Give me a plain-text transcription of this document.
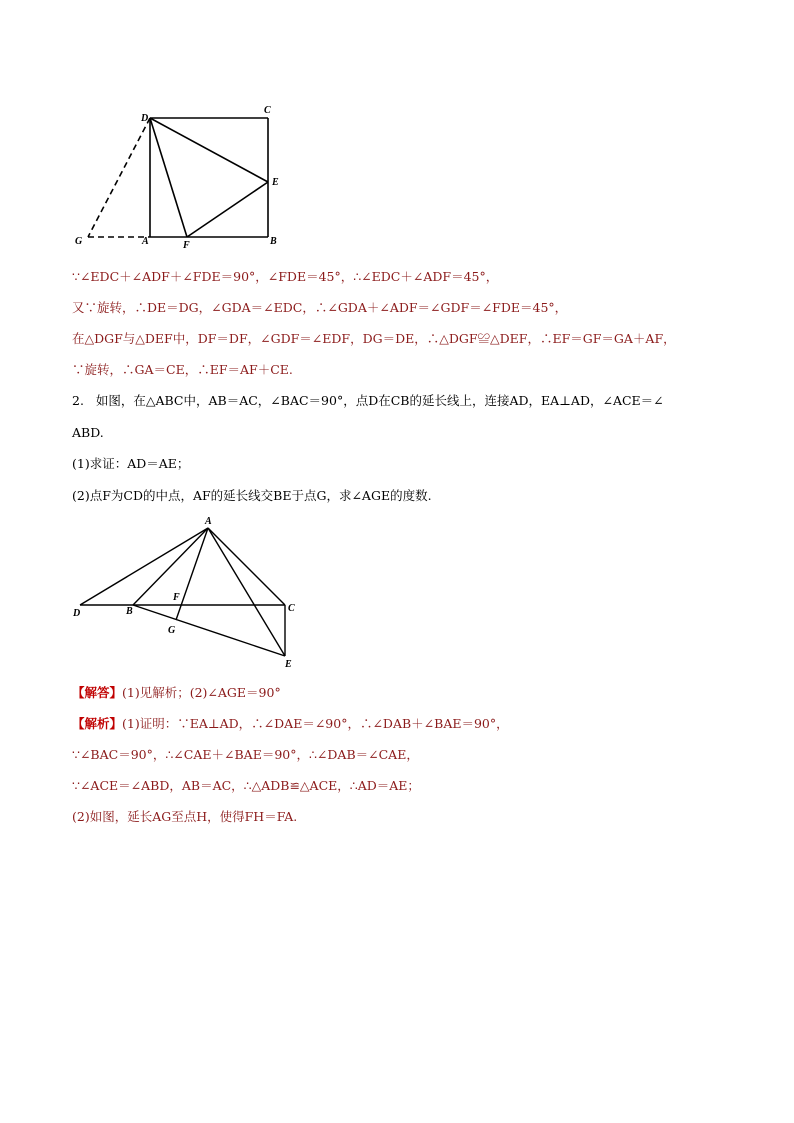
D
C
E
G	A	F	B
A
D	B
F
C
G
E
∵∠EDC＋∠ADF＋∠FDE＝90°，∠FDE＝45°，∴∠EDC＋∠ADF＝45°，
又∵旋转，∴DE＝DG，∠GDA＝∠EDC，∴∠GDA＋∠ADF＝∠GDF＝∠FDE＝45°，
在△DGF与△DEF中，DF＝DF，∠GDF＝∠EDF，DG＝DE，∴△DGF≌△DEF，∴EF＝GF＝GA＋AF，
∵旋转，∴GA＝CE，∴EF＝AF＋CE.
2. 如图，在△ABC中，AB＝AC，∠BAC＝90°，点D在CB的延长线上，连接AD，EA⊥AD，∠ACE＝∠
ABD.
(1)求证：AD＝AE；
(2)点F为CD的中点，AF的延长线交BE于点G，求∠AGE的度数.
【解答】(1)见解析；(2)∠AGE＝90°
【解析】(1)证明：∵EA⊥AD，∴∠DAE＝∠90°，∴∠DAB＋∠BAE＝90°，
∵∠BAC＝90°，∴∠CAE＋∠BAE＝90°，∴∠DAB＝∠CAE，
∵∠ACE＝∠ABD，AB＝AC，∴△ADB≌△ACE，∴AD＝AE；
(2)如图，延长AG至点H，使得FH＝FA.
